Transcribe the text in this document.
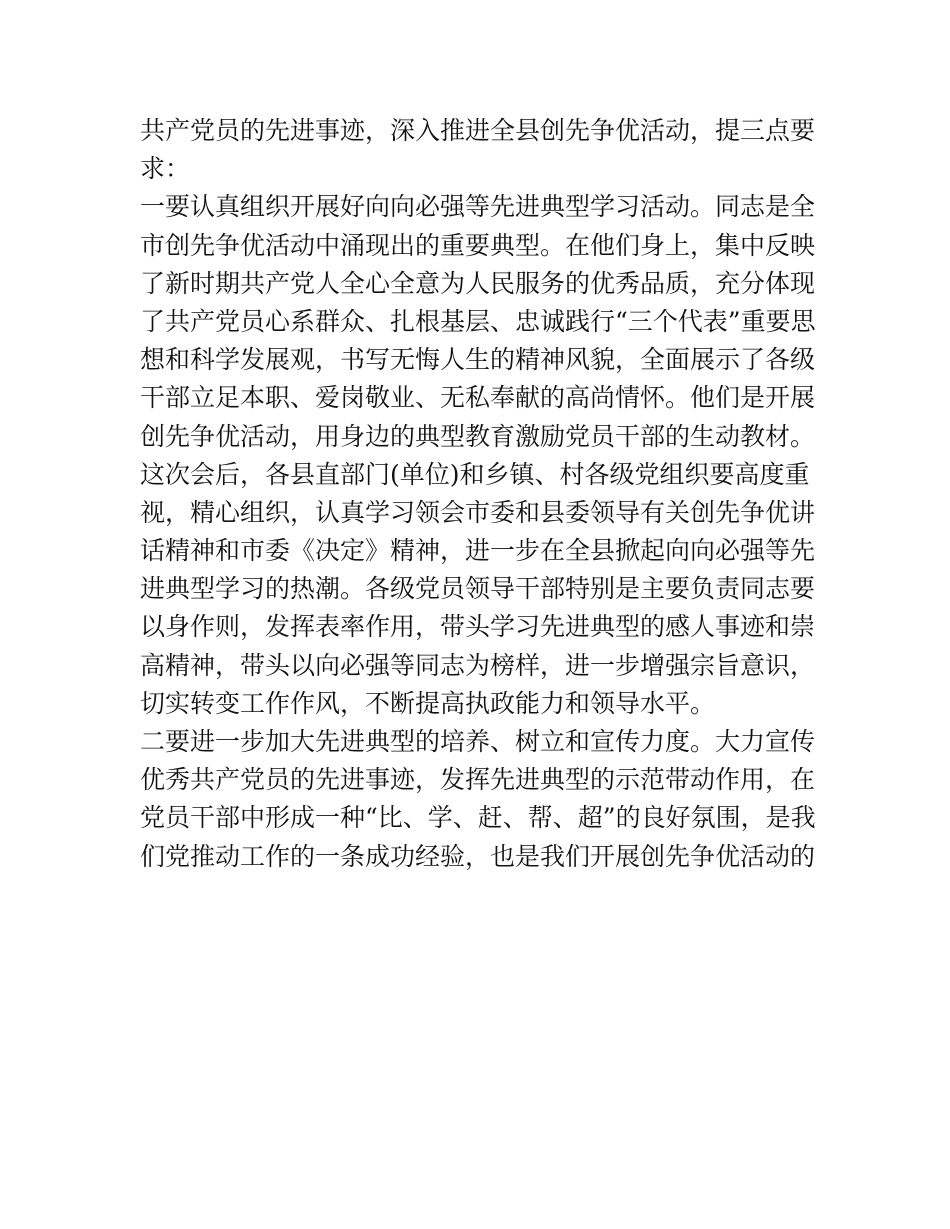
共产党员的先进事迹，深入推进全县创先争优活动，提三点要
求：
一要认真组织开展好向向必强等先进典型学习活动。同志是全
市创先争优活动中涌现出的重要典型。在他们身上，集中反映
了新时期共产党人全心全意为人民服务的优秀品质，充分体现
了共产党员心系群众、扎根基层、忠诚践行“三个代表”重要思
想和科学发展观，书写无悔人生的精神风貌，全面展示了各级
干部立足本职、爱岗敬业、无私奉献的高尚情怀。他们是开展
创先争优活动，用身边的典型教育激励党员干部的生动教材。
这次会后，各县直部门(单位)和乡镇、村各级党组织要高度重
视，精心组织，认真学习领会市委和县委领导有关创先争优讲
话精神和市委《决定》精神，进一步在全县掀起向向必强等先
进典型学习的热潮。各级党员领导干部特别是主要负责同志要
以身作则，发挥表率作用，带头学习先进典型的感人事迹和崇
高精神，带头以向必强等同志为榜样，进一步增强宗旨意识，
切实转变工作作风，不断提高执政能力和领导水平。
二要进一步加大先进典型的培养、树立和宣传力度。大力宣传
优秀共产党员的先进事迹，发挥先进典型的示范带动作用，在
党员干部中形成一种“比、学、赶、帮、超”的良好氛围，是我
们党推动工作的一条成功经验，也是我们开展创先争优活动的
